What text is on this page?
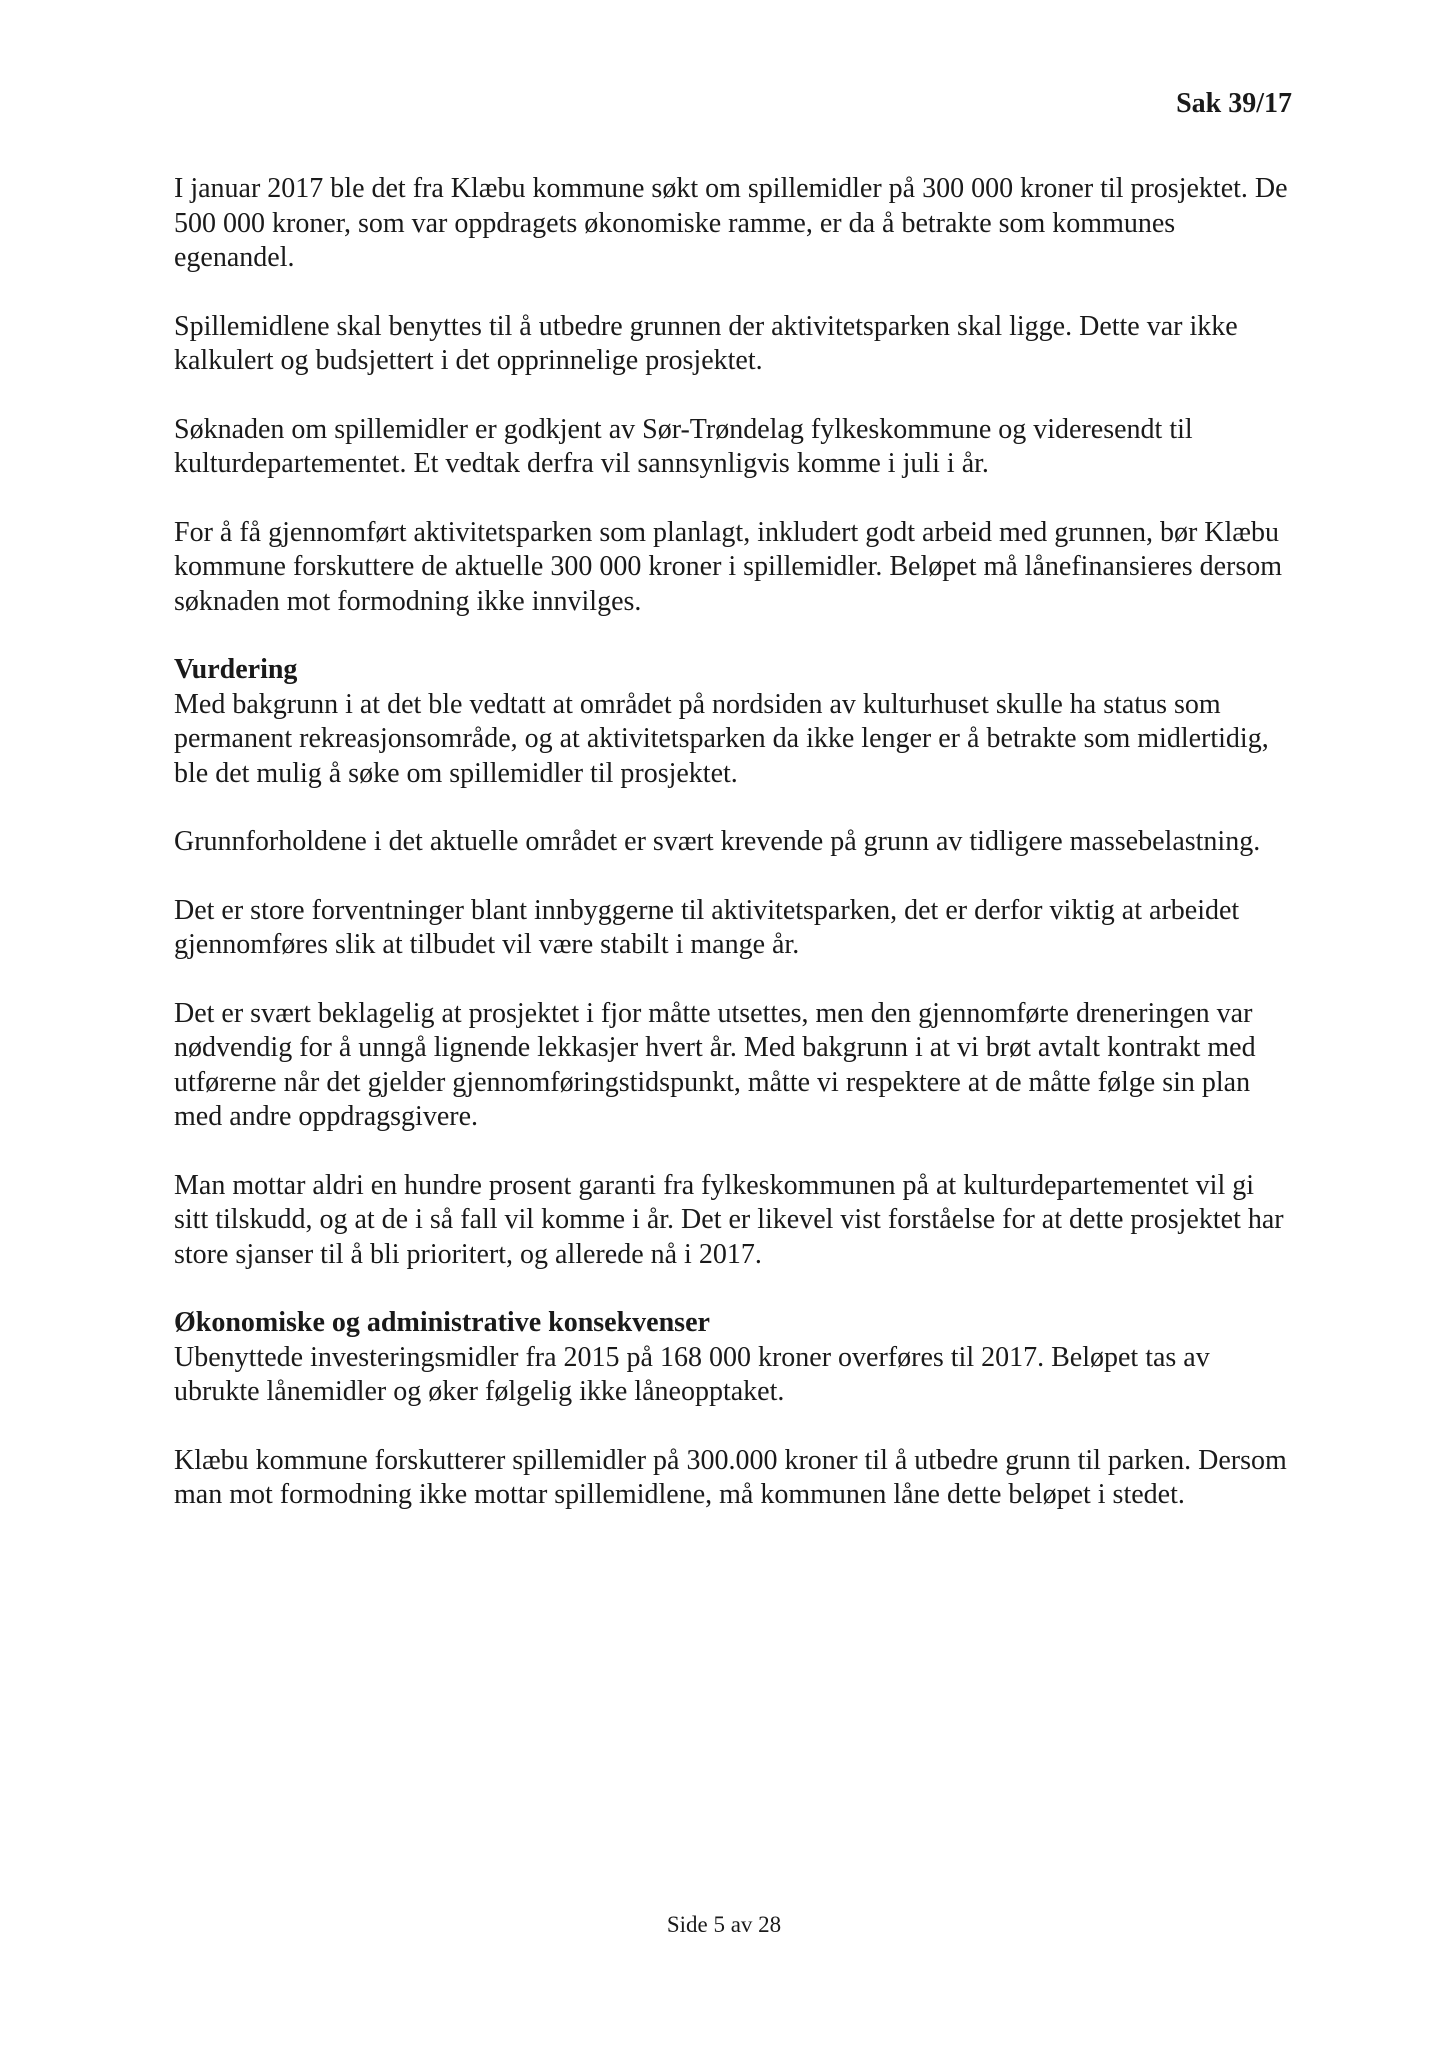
Sak 39/17

I januar 2017 ble det fra Klæbu kommune søkt om spillemidler på 300 000 kroner til prosjektet. De 500 000 kroner, som var oppdragets økonomiske ramme, er da å betrakte som kommunes egenandel.

Spillemidlene skal benyttes til å utbedre grunnen der aktivitetsparken skal ligge. Dette var ikke kalkulert og budsjettert i det opprinnelige prosjektet.

Søknaden om spillemidler er godkjent av Sør-Trøndelag fylkeskommune og videresendt til kulturdepartementet. Et vedtak derfra vil sannsynligvis komme i juli i år.

For å få gjennomført aktivitetsparken som planlagt, inkludert godt arbeid med grunnen, bør Klæbu kommune forskuttere de aktuelle 300 000 kroner i spillemidler. Beløpet må lånefinansieres dersom søknaden mot formodning ikke innvilges.

Vurdering

Med bakgrunn i at det ble vedtatt at området på nordsiden av kulturhuset skulle ha status som permanent rekreasjonsområde, og at aktivitetsparken da ikke lenger er å betrakte som midlertidig, ble det mulig å søke om spillemidler til prosjektet.

Grunnforholdene i det aktuelle området er svært krevende på grunn av tidligere massebelastning.

Det er store forventninger blant innbyggerne til aktivitetsparken, det er derfor viktig at arbeidet gjennomføres slik at tilbudet vil være stabilt i mange år.

Det er svært beklagelig at prosjektet i fjor måtte utsettes, men den gjennomførte dreneringen var nødvendig for å unngå lignende lekkasjer hvert år. Med bakgrunn i at vi brøt avtalt kontrakt med utførerne når det gjelder gjennomføringstidspunkt, måtte vi respektere at de måtte følge sin plan med andre oppdragsgivere.

Man mottar aldri en hundre prosent garanti fra fylkeskommunen på at kulturdepartementet vil gi sitt tilskudd, og at de i så fall vil komme i år. Det er likevel vist forståelse for at dette prosjektet har store sjanser til å bli prioritert, og allerede nå i 2017.

Økonomiske og administrative konsekvenser

Ubenyttede investeringsmidler fra 2015 på 168 000 kroner overføres til 2017. Beløpet tas av ubrukte lånemidler og øker følgelig ikke låneopptaket.

Klæbu kommune forskutterer spillemidler på 300.000 kroner til å utbedre grunn til parken. Dersom man mot formodning ikke mottar spillemidlene, må kommunen låne dette beløpet i stedet.

Side 5 av 28
